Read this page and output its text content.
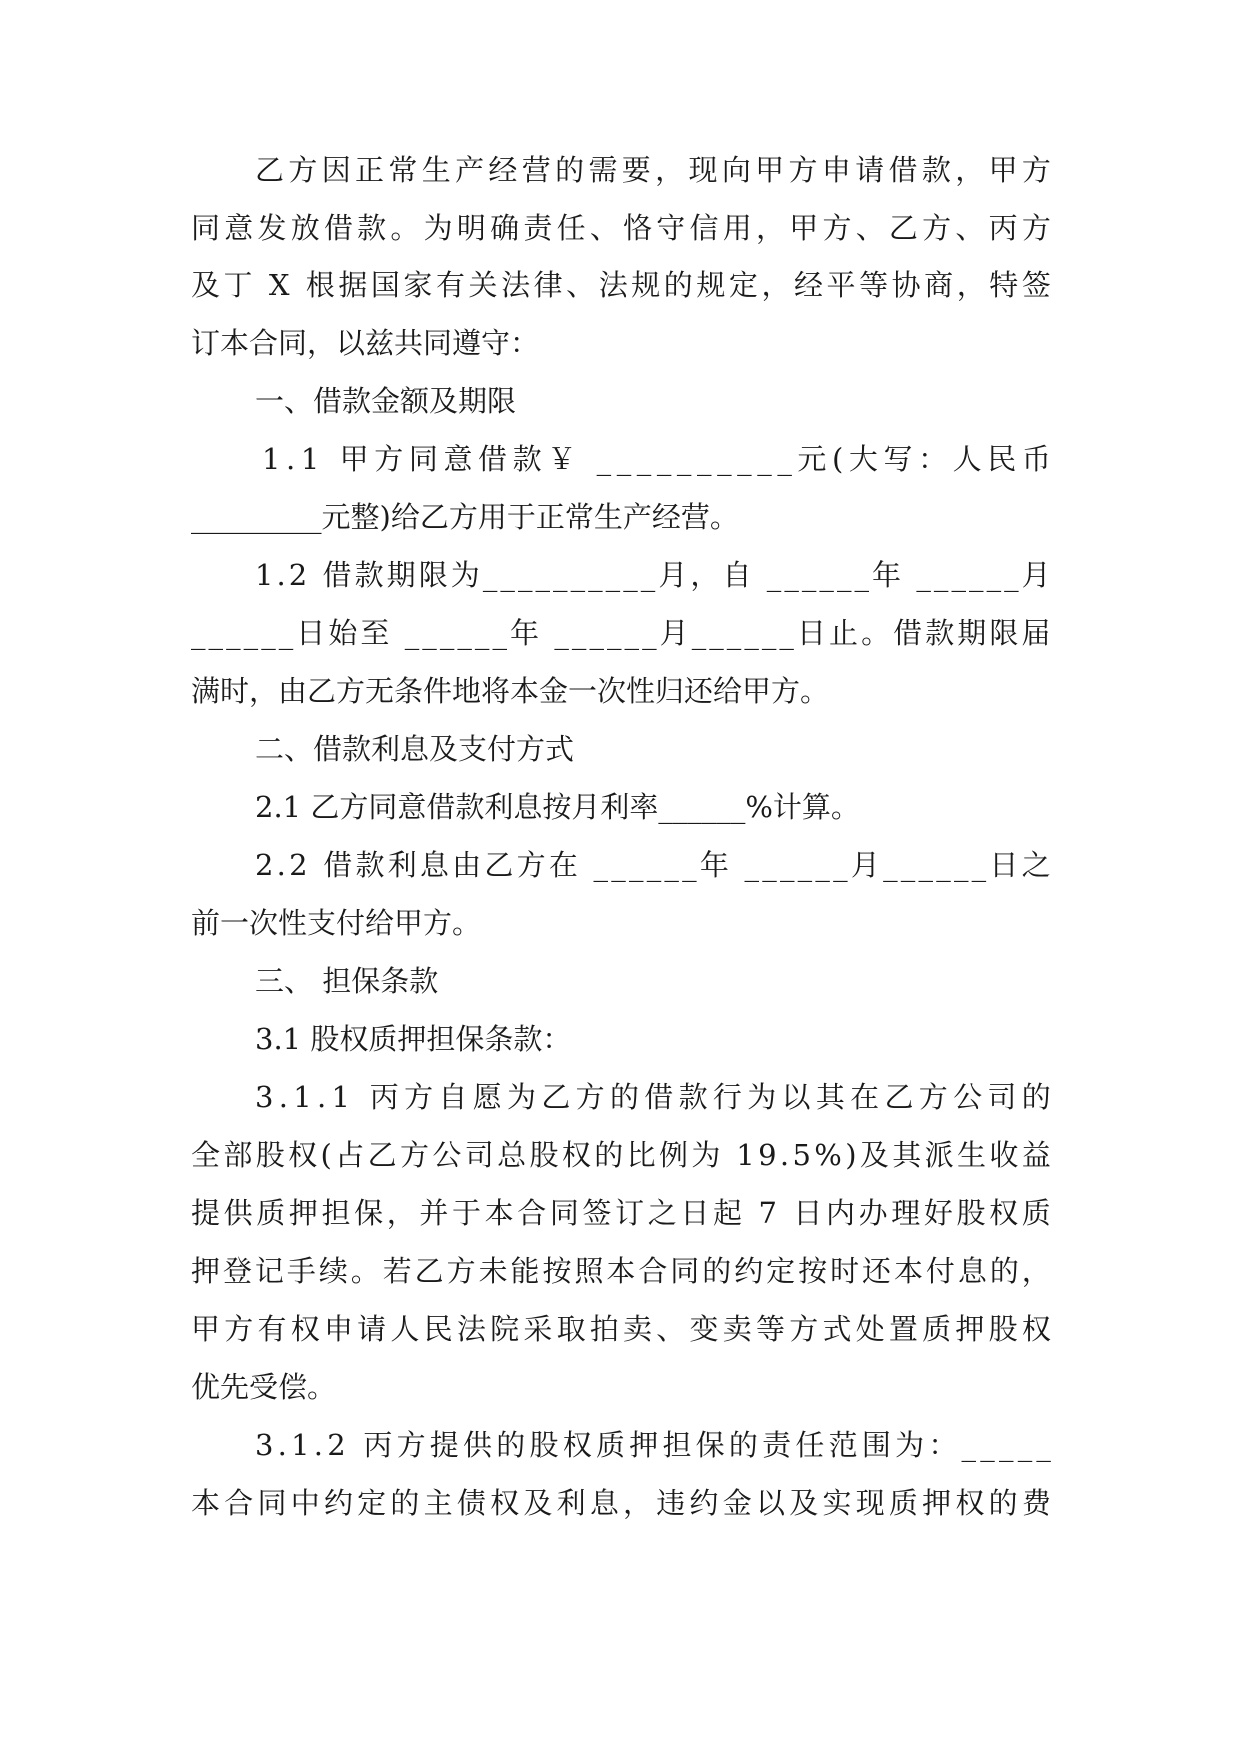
乙 方 因 正 常 生 产 经 营 的 需 要 ， 现 向 甲 方 申 请 借 款 ， 甲 方
同 意 发 放 借 款 。 为 明 确 责 任 、 恪 守 信 用 ， 甲 方 、 乙 方 、 丙 方
及 丁
X
根 据 国 家 有 关 法 律 、 法 规 的 规 定 ， 经 平 等 协 商 ， 特 签
订本合同，以兹共同遵守：
一、借款金额及期限
1 . 1
甲 方 同 意 借 款 ￥
_ _ _ _ _ _ _ _ _ _ 元 ( 大 写 ： 人 民 币
_________元整)给乙方用于正常生产经营。
1 . 2
借 款 期 限 为 _ _ _ _ _ _ _ _ _ _ 月 ， 自
_ _ _ _ _ _ 年
_ _ _ _ _ _ 月
_ _ _ _ _ _ 日 始 至
_ _ _ _ _ _ 年
_ _ _ _ _ _ 月 _ _ _ _ _ _ 日 止 。 借 款 期 限 届
满时，由乙方无条件地将本金一次性归还给甲方。
二、借款利息及支付方式
2.1 乙方同意借款利息按月利率______%计算。
2 . 2
借 款 利 息 由 乙 方 在
_ _ _ _ _ _ 年
_ _ _ _ _ _ 月 _ _ _ _ _ _ 日 之
前一次性支付给甲方。
三、 担保条款
3.1 股权质押担保条款：
3 . 1 . 1
丙 方 自 愿 为 乙 方 的 借 款 行 为 以 其 在 乙 方 公 司 的
全 部 股 权 ( 占 乙 方 公 司 总 股 权 的 比 例 为
1 9 . 5 % ) 及 其 派 生 收 益
提 供 质 押 担 保 ， 并 于 本 合 同 签 订 之 日 起
7
日 内 办 理 好 股 权 质
押 登 记 手 续 。 若 乙 方 未 能 按 照 本 合 同 的 约 定 按 时 还 本 付 息 的 ，
甲 方 有 权 申 请 人 民 法 院 采 取 拍 卖 、 变 卖 等 方 式 处 置 质 押 股 权
优先受偿。
3 . 1 . 2
丙 方 提 供 的 股 权 质 押 担 保 的 责 任 范 围 为 ： _ _ _ _ _
本 合 同 中 约 定 的 主 债 权 及 利 息 ， 违 约 金 以 及 实 现 质 押 权 的 费
